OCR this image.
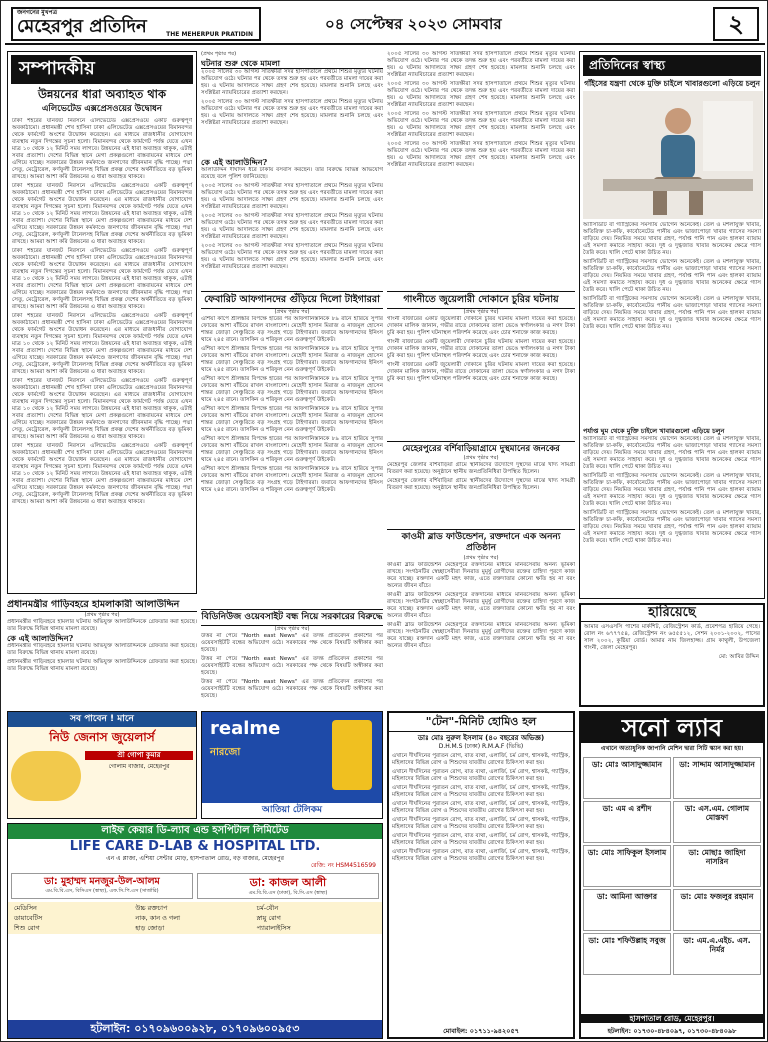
জনগনের মুখপত্র
মেহেরপুর প্রতিদিন	THE MEHERPUR PRATIDIN
০৪ সেপ্টেম্বর ২০২৩ সোমবার	২
সম্পাদকীয়
উন্নয়নের ধারা অব্যাহত থাক
এলিভেটেড এক্সপ্রেসওয়ের উদ্বোধন

ঢাকা শহরের যানজট নিরসনে এলিভেটেড এক্সপ্রেসওয়ে একটি গুরুত্বপূর্ণ অবকাঠামো। প্রধানমন্ত্রী শেখ হাসিনা ঢাকা এলিভেটেড এক্সপ্রেসওয়ের বিমানবন্দর থেকে ফার্মগেট অংশের উদ্বোধন করেছেন। এর মাধ্যমে রাজধানীর যোগাযোগ ব্যবস্থায় নতুন দিগন্তের সূচনা হলো। বিমানবন্দর থেকে ফার্মগেট পর্যন্ত যেতে এখন মাত্র ১০ থেকে ১২ মিনিট সময় লাগবে। উন্নয়নের এই ধারা অব্যাহত থাকুক, এটাই সবার প্রত্যাশা। দেশের বিভিন্ন স্থানে মেগা প্রকল্পগুলো বাস্তবায়নের মাধ্যমে দেশ এগিয়ে যাচ্ছে। সরকারের উন্নয়ন কর্মকাণ্ডে জনগণের জীবনমান বৃদ্ধি পাচ্ছে। পদ্মা সেতু, মেট্রোরেল, কর্ণফুলী টানেলসহ বিভিন্ন প্রকল্প দেশের অর্থনীতিতে বড় ভূমিকা রাখছে। আমরা আশা করি উন্নয়নের এ ধারা অব্যাহত থাকবে।

ঢাকা শহরের যানজট নিরসনে এলিভেটেড এক্সপ্রেসওয়ে একটি গুরুত্বপূর্ণ অবকাঠামো। প্রধানমন্ত্রী শেখ হাসিনা ঢাকা এলিভেটেড এক্সপ্রেসওয়ের বিমানবন্দর থেকে ফার্মগেট অংশের উদ্বোধন করেছেন। এর মাধ্যমে রাজধানীর যোগাযোগ ব্যবস্থায় নতুন দিগন্তের সূচনা হলো। বিমানবন্দর থেকে ফার্মগেট পর্যন্ত যেতে এখন মাত্র ১০ থেকে ১২ মিনিট সময় লাগবে। উন্নয়নের এই ধারা অব্যাহত থাকুক, এটাই সবার প্রত্যাশা। দেশের বিভিন্ন স্থানে মেগা প্রকল্পগুলো বাস্তবায়নের মাধ্যমে দেশ এগিয়ে যাচ্ছে। সরকারের উন্নয়ন কর্মকাণ্ডে জনগণের জীবনমান বৃদ্ধি পাচ্ছে। পদ্মা সেতু, মেট্রোরেল, কর্ণফুলী টানেলসহ বিভিন্ন প্রকল্প দেশের অর্থনীতিতে বড় ভূমিকা রাখছে। আমরা আশা করি উন্নয়নের এ ধারা অব্যাহত থাকবে।

ঢাকা শহরের যানজট নিরসনে এলিভেটেড এক্সপ্রেসওয়ে একটি গুরুত্বপূর্ণ অবকাঠামো। প্রধানমন্ত্রী শেখ হাসিনা ঢাকা এলিভেটেড এক্সপ্রেসওয়ের বিমানবন্দর থেকে ফার্মগেট অংশের উদ্বোধন করেছেন। এর মাধ্যমে রাজধানীর যোগাযোগ ব্যবস্থায় নতুন দিগন্তের সূচনা হলো। বিমানবন্দর থেকে ফার্মগেট পর্যন্ত যেতে এখন মাত্র ১০ থেকে ১২ মিনিট সময় লাগবে। উন্নয়নের এই ধারা অব্যাহত থাকুক, এটাই সবার প্রত্যাশা। দেশের বিভিন্ন স্থানে মেগা প্রকল্পগুলো বাস্তবায়নের মাধ্যমে দেশ এগিয়ে যাচ্ছে। সরকারের উন্নয়ন কর্মকাণ্ডে জনগণের জীবনমান বৃদ্ধি পাচ্ছে। পদ্মা সেতু, মেট্রোরেল, কর্ণফুলী টানেলসহ বিভিন্ন প্রকল্প দেশের অর্থনীতিতে বড় ভূমিকা রাখছে। আমরা আশা করি উন্নয়নের এ ধারা অব্যাহত থাকবে।

ঢাকা শহরের যানজট নিরসনে এলিভেটেড এক্সপ্রেসওয়ে একটি গুরুত্বপূর্ণ অবকাঠামো। প্রধানমন্ত্রী শেখ হাসিনা ঢাকা এলিভেটেড এক্সপ্রেসওয়ের বিমানবন্দর থেকে ফার্মগেট অংশের উদ্বোধন করেছেন। এর মাধ্যমে রাজধানীর যোগাযোগ ব্যবস্থায় নতুন দিগন্তের সূচনা হলো। বিমানবন্দর থেকে ফার্মগেট পর্যন্ত যেতে এখন মাত্র ১০ থেকে ১২ মিনিট সময় লাগবে। উন্নয়নের এই ধারা অব্যাহত থাকুক, এটাই সবার প্রত্যাশা। দেশের বিভিন্ন স্থানে মেগা প্রকল্পগুলো বাস্তবায়নের মাধ্যমে দেশ এগিয়ে যাচ্ছে। সরকারের উন্নয়ন কর্মকাণ্ডে জনগণের জীবনমান বৃদ্ধি পাচ্ছে। পদ্মা সেতু, মেট্রোরেল, কর্ণফুলী টানেলসহ বিভিন্ন প্রকল্প দেশের অর্থনীতিতে বড় ভূমিকা রাখছে। আমরা আশা করি উন্নয়নের এ ধারা অব্যাহত থাকবে।

ঢাকা শহরের যানজট নিরসনে এলিভেটেড এক্সপ্রেসওয়ে একটি গুরুত্বপূর্ণ অবকাঠামো। প্রধানমন্ত্রী শেখ হাসিনা ঢাকা এলিভেটেড এক্সপ্রেসওয়ের বিমানবন্দর থেকে ফার্মগেট অংশের উদ্বোধন করেছেন। এর মাধ্যমে রাজধানীর যোগাযোগ ব্যবস্থায় নতুন দিগন্তের সূচনা হলো। বিমানবন্দর থেকে ফার্মগেট পর্যন্ত যেতে এখন মাত্র ১০ থেকে ১২ মিনিট সময় লাগবে। উন্নয়নের এই ধারা অব্যাহত থাকুক, এটাই সবার প্রত্যাশা। দেশের বিভিন্ন স্থানে মেগা প্রকল্পগুলো বাস্তবায়নের মাধ্যমে দেশ এগিয়ে যাচ্ছে। সরকারের উন্নয়ন কর্মকাণ্ডে জনগণের জীবনমান বৃদ্ধি পাচ্ছে। পদ্মা সেতু, মেট্রোরেল, কর্ণফুলী টানেলসহ বিভিন্ন প্রকল্প দেশের অর্থনীতিতে বড় ভূমিকা রাখছে। আমরা আশা করি উন্নয়নের এ ধারা অব্যাহত থাকবে।

ঢাকা শহরের যানজট নিরসনে এলিভেটেড এক্সপ্রেসওয়ে একটি গুরুত্বপূর্ণ অবকাঠামো। প্রধানমন্ত্রী শেখ হাসিনা ঢাকা এলিভেটেড এক্সপ্রেসওয়ের বিমানবন্দর থেকে ফার্মগেট অংশের উদ্বোধন করেছেন। এর মাধ্যমে রাজধানীর যোগাযোগ ব্যবস্থায় নতুন দিগন্তের সূচনা হলো। বিমানবন্দর থেকে ফার্মগেট পর্যন্ত যেতে এখন মাত্র ১০ থেকে ১২ মিনিট সময় লাগবে। উন্নয়নের এই ধারা অব্যাহত থাকুক, এটাই সবার প্রত্যাশা। দেশের বিভিন্ন স্থানে মেগা প্রকল্পগুলো বাস্তবায়নের মাধ্যমে দেশ এগিয়ে যাচ্ছে। সরকারের উন্নয়ন কর্মকাণ্ডে জনগণের জীবনমান বৃদ্ধি পাচ্ছে। পদ্মা সেতু, মেট্রোরেল, কর্ণফুলী টানেলসহ বিভিন্ন প্রকল্প দেশের অর্থনীতিতে বড় ভূমিকা রাখছে। আমরা আশা করি উন্নয়নের এ ধারা অব্যাহত থাকবে।

(প্রথম পৃষ্ঠার পর)
ঘটনার শুরু থেকে মামলা

২০০৫ সালের ৩০ আগস্ট সাতক্ষীরা সদর হাসপাতালে প্রথমে শিশুর মৃত্যুর ঘটনায় অভিযোগ ওঠে। ঘটনার পর থেকে তদন্ত শুরু হয় এবং পরবর্তীতে মামলা দায়ের করা হয়। এ ঘটনায় আদালতে সাক্ষ্য গ্রহণ শেষ হয়েছে। মামলার শুনানি চলছে এবং সংশ্লিষ্টরা ন্যায়বিচারের প্রত্যাশা করছেন।

২০০৫ সালের ৩০ আগস্ট সাতক্ষীরা সদর হাসপাতালে প্রথমে শিশুর মৃত্যুর ঘটনায় অভিযোগ ওঠে। ঘটনার পর থেকে তদন্ত শুরু হয় এবং পরবর্তীতে মামলা দায়ের করা হয়। এ ঘটনায় আদালতে সাক্ষ্য গ্রহণ শেষ হয়েছে। মামলার শুনানি চলছে এবং সংশ্লিষ্টরা ন্যায়বিচারের প্রত্যাশা করছেন।

কে এই আলাউদ্দিন?

আলাউদ্দিন দীর্ঘদিন ধরে ঢাকায় বসবাস করছেন। তার বিরুদ্ধে বিভিন্ন অভিযোগ রয়েছে বলে পুলিশ জানিয়েছে।

২০০৫ সালের ৩০ আগস্ট সাতক্ষীরা সদর হাসপাতালে প্রথমে শিশুর মৃত্যুর ঘটনায় অভিযোগ ওঠে। ঘটনার পর থেকে তদন্ত শুরু হয় এবং পরবর্তীতে মামলা দায়ের করা হয়। এ ঘটনায় আদালতে সাক্ষ্য গ্রহণ শেষ হয়েছে। মামলার শুনানি চলছে এবং সংশ্লিষ্টরা ন্যায়বিচারের প্রত্যাশা করছেন।

২০০৫ সালের ৩০ আগস্ট সাতক্ষীরা সদর হাসপাতালে প্রথমে শিশুর মৃত্যুর ঘটনায় অভিযোগ ওঠে। ঘটনার পর থেকে তদন্ত শুরু হয় এবং পরবর্তীতে মামলা দায়ের করা হয়। এ ঘটনায় আদালতে সাক্ষ্য গ্রহণ শেষ হয়েছে। মামলার শুনানি চলছে এবং সংশ্লিষ্টরা ন্যায়বিচারের প্রত্যাশা করছেন।

২০০৫ সালের ৩০ আগস্ট সাতক্ষীরা সদর হাসপাতালে প্রথমে শিশুর মৃত্যুর ঘটনায় অভিযোগ ওঠে। ঘটনার পর থেকে তদন্ত শুরু হয় এবং পরবর্তীতে মামলা দায়ের করা হয়। এ ঘটনায় আদালতে সাক্ষ্য গ্রহণ শেষ হয়েছে। মামলার শুনানি চলছে এবং সংশ্লিষ্টরা ন্যায়বিচারের প্রত্যাশা করছেন।

২০০৫ সালের ৩০ আগস্ট সাতক্ষীরা সদর হাসপাতালে প্রথমে শিশুর মৃত্যুর ঘটনায় অভিযোগ ওঠে। ঘটনার পর থেকে তদন্ত শুরু হয় এবং পরবর্তীতে মামলা দায়ের করা হয়। এ ঘটনায় আদালতে সাক্ষ্য গ্রহণ শেষ হয়েছে। মামলার শুনানি চলছে এবং সংশ্লিষ্টরা ন্যায়বিচারের প্রত্যাশা করছেন।

২০০৫ সালের ৩০ আগস্ট সাতক্ষীরা সদর হাসপাতালে প্রথমে শিশুর মৃত্যুর ঘটনায় অভিযোগ ওঠে। ঘটনার পর থেকে তদন্ত শুরু হয় এবং পরবর্তীতে মামলা দায়ের করা হয়। এ ঘটনায় আদালতে সাক্ষ্য গ্রহণ শেষ হয়েছে। মামলার শুনানি চলছে এবং সংশ্লিষ্টরা ন্যায়বিচারের প্রত্যাশা করছেন।

২০০৫ সালের ৩০ আগস্ট সাতক্ষীরা সদর হাসপাতালে প্রথমে শিশুর মৃত্যুর ঘটনায় অভিযোগ ওঠে। ঘটনার পর থেকে তদন্ত শুরু হয় এবং পরবর্তীতে মামলা দায়ের করা হয়। এ ঘটনায় আদালতে সাক্ষ্য গ্রহণ শেষ হয়েছে। মামলার শুনানি চলছে এবং সংশ্লিষ্টরা ন্যায়বিচারের প্রত্যাশা করছেন।

২০০৫ সালের ৩০ আগস্ট সাতক্ষীরা সদর হাসপাতালে প্রথমে শিশুর মৃত্যুর ঘটনায় অভিযোগ ওঠে। ঘটনার পর থেকে তদন্ত শুরু হয় এবং পরবর্তীতে মামলা দায়ের করা হয়। এ ঘটনায় আদালতে সাক্ষ্য গ্রহণ শেষ হয়েছে। মামলার শুনানি চলছে এবং সংশ্লিষ্টরা ন্যায়বিচারের প্রত্যাশা করছেন।

গাংনীতে জুয়েলারী দোকানে চুরির ঘটনায়
(প্রথম পৃষ্ঠার পর)

গাংনী বাজারের একটি জুয়েলারী দোকানে চুরির ঘটনায় মামলা দায়ের করা হয়েছে। দোকান মালিক জানান, গভীর রাতে দোকানের তালা ভেঙে স্বর্ণালংকার ও নগদ টাকা চুরি করা হয়। পুলিশ ঘটনাস্থল পরিদর্শন করেছে এবং চোর শনাক্তে কাজ করছে।

গাংনী বাজারের একটি জুয়েলারী দোকানে চুরির ঘটনায় মামলা দায়ের করা হয়েছে। দোকান মালিক জানান, গভীর রাতে দোকানের তালা ভেঙে স্বর্ণালংকার ও নগদ টাকা চুরি করা হয়। পুলিশ ঘটনাস্থল পরিদর্শন করেছে এবং চোর শনাক্তে কাজ করছে।

গাংনী বাজারের একটি জুয়েলারী দোকানে চুরির ঘটনায় মামলা দায়ের করা হয়েছে। দোকান মালিক জানান, গভীর রাতে দোকানের তালা ভেঙে স্বর্ণালংকার ও নগদ টাকা চুরি করা হয়। পুলিশ ঘটনাস্থল পরিদর্শন করেছে এবং চোর শনাক্তে কাজ করছে।

মেহেরপুরের বর্শিবাড়িয়াগ্রামে দুস্থমানের জনকের
(প্রথম পৃষ্ঠার পর)

মেহেরপুর জেলার বর্শিবাড়িয়া গ্রামে স্থানীয়দের উদ্যোগে দুস্থদের মাঝে খাদ্য সামগ্রী বিতরণ করা হয়েছে। অনুষ্ঠানে স্থানীয় জনপ্রতিনিধিরা উপস্থিত ছিলেন।

মেহেরপুর জেলার বর্শিবাড়িয়া গ্রামে স্থানীয়দের উদ্যোগে দুস্থদের মাঝে খাদ্য সামগ্রী বিতরণ করা হয়েছে। অনুষ্ঠানে স্থানীয় জনপ্রতিনিধিরা উপস্থিত ছিলেন।

ফেবারিট আফগানদের গুঁড়িয়ে দিলো টাইগাররা
(প্রথম পৃষ্ঠার পর)

এশিয়া কাপে শ্রীলঙ্কার বিপক্ষে হারের পর আফগানিস্তানকে ৮৯ রানে হারিয়ে সুপার ফোরের আশা বাঁচিয়ে রাখল বাংলাদেশ। মেহেদী হাসান মিরাজ ও নাজমুল হোসেন শান্তর জোড়া সেঞ্চুরিতে বড় সংগ্রহ গড়ে টাইগাররা। জবাবে আফগানদের ইনিংস থামে ২৪৫ রানে। তাসকিন ও শরিফুল নেন গুরুত্বপূর্ণ উইকেট।

এশিয়া কাপে শ্রীলঙ্কার বিপক্ষে হারের পর আফগানিস্তানকে ৮৯ রানে হারিয়ে সুপার ফোরের আশা বাঁচিয়ে রাখল বাংলাদেশ। মেহেদী হাসান মিরাজ ও নাজমুল হোসেন শান্তর জোড়া সেঞ্চুরিতে বড় সংগ্রহ গড়ে টাইগাররা। জবাবে আফগানদের ইনিংস থামে ২৪৫ রানে। তাসকিন ও শরিফুল নেন গুরুত্বপূর্ণ উইকেট।

এশিয়া কাপে শ্রীলঙ্কার বিপক্ষে হারের পর আফগানিস্তানকে ৮৯ রানে হারিয়ে সুপার ফোরের আশা বাঁচিয়ে রাখল বাংলাদেশ। মেহেদী হাসান মিরাজ ও নাজমুল হোসেন শান্তর জোড়া সেঞ্চুরিতে বড় সংগ্রহ গড়ে টাইগাররা। জবাবে আফগানদের ইনিংস থামে ২৪৫ রানে। তাসকিন ও শরিফুল নেন গুরুত্বপূর্ণ উইকেট।

এশিয়া কাপে শ্রীলঙ্কার বিপক্ষে হারের পর আফগানিস্তানকে ৮৯ রানে হারিয়ে সুপার ফোরের আশা বাঁচিয়ে রাখল বাংলাদেশ। মেহেদী হাসান মিরাজ ও নাজমুল হোসেন শান্তর জোড়া সেঞ্চুরিতে বড় সংগ্রহ গড়ে টাইগাররা। জবাবে আফগানদের ইনিংস থামে ২৪৫ রানে। তাসকিন ও শরিফুল নেন গুরুত্বপূর্ণ উইকেট।

এশিয়া কাপে শ্রীলঙ্কার বিপক্ষে হারের পর আফগানিস্তানকে ৮৯ রানে হারিয়ে সুপার ফোরের আশা বাঁচিয়ে রাখল বাংলাদেশ। মেহেদী হাসান মিরাজ ও নাজমুল হোসেন শান্তর জোড়া সেঞ্চুরিতে বড় সংগ্রহ গড়ে টাইগাররা। জবাবে আফগানদের ইনিংস থামে ২৪৫ রানে। তাসকিন ও শরিফুল নেন গুরুত্বপূর্ণ উইকেট।

এশিয়া কাপে শ্রীলঙ্কার বিপক্ষে হারের পর আফগানিস্তানকে ৮৯ রানে হারিয়ে সুপার ফোরের আশা বাঁচিয়ে রাখল বাংলাদেশ। মেহেদী হাসান মিরাজ ও নাজমুল হোসেন শান্তর জোড়া সেঞ্চুরিতে বড় সংগ্রহ গড়ে টাইগাররা। জবাবে আফগানদের ইনিংস থামে ২৪৫ রানে। তাসকিন ও শরিফুল নেন গুরুত্বপূর্ণ উইকেট।

কাওমী ব্লাড ফাউন্ডেশন, রক্তদানে এক অনন্য প্রতিষ্ঠান
(প্রথম পৃষ্ঠার পর)

কাওমী ব্লাড ফাউন্ডেশন মেহেরপুরে রক্তদানের মাধ্যমে মানবসেবায় অনন্য ভূমিকা রাখছে। সংগঠনটির স্বেচ্ছাসেবীরা দিনরাত মুমূর্ষু রোগীদের রক্তের চাহিদা পূরণে কাজ করে যাচ্ছে। রক্তদান একটি মহৎ কাজ, এতে রক্তদাতার কোনো ক্ষতি হয় না বরং অন্যের জীবন বাঁচে।

কাওমী ব্লাড ফাউন্ডেশন মেহেরপুরে রক্তদানের মাধ্যমে মানবসেবায় অনন্য ভূমিকা রাখছে। সংগঠনটির স্বেচ্ছাসেবীরা দিনরাত মুমূর্ষু রোগীদের রক্তের চাহিদা পূরণে কাজ করে যাচ্ছে। রক্তদান একটি মহৎ কাজ, এতে রক্তদাতার কোনো ক্ষতি হয় না বরং অন্যের জীবন বাঁচে।

কাওমী ব্লাড ফাউন্ডেশন মেহেরপুরে রক্তদানের মাধ্যমে মানবসেবায় অনন্য ভূমিকা রাখছে। সংগঠনটির স্বেচ্ছাসেবীরা দিনরাত মুমূর্ষু রোগীদের রক্তের চাহিদা পূরণে কাজ করে যাচ্ছে। রক্তদান একটি মহৎ কাজ, এতে রক্তদাতার কোনো ক্ষতি হয় না বরং অন্যের জীবন বাঁচে।

প্রধানমন্ত্রীর গাড়িবহরে হামলাকারী আলাউদ্দিন
(প্রথম পৃষ্ঠার পর)
প্রধানমন্ত্রীর গাড়িবহরে হামলার ঘটনায় অভিযুক্ত আলাউদ্দিনকে গ্রেফতার করা হয়েছে। তার বিরুদ্ধে বিভিন্ন থানায় মামলা রয়েছে।
কে এই আলাউদ্দিন?

প্রধানমন্ত্রীর গাড়িবহরে হামলার ঘটনায় অভিযুক্ত আলাউদ্দিনকে গ্রেফতার করা হয়েছে। তার বিরুদ্ধে বিভিন্ন থানায় মামলা রয়েছে।

প্রধানমন্ত্রীর গাড়িবহরে হামলার ঘটনায় অভিযুক্ত আলাউদ্দিনকে গ্রেফতার করা হয়েছে। তার বিরুদ্ধে বিভিন্ন থানায় মামলা রয়েছে।

বিডিনিউজ ওয়েবসাইট বন্ধ নিয়ে সরকারের বিরুদ্ধে
(প্রথম পৃষ্ঠার পর)

উত্তর না পেয়ে "North east News" এর তদন্ত প্রতিবেদন প্রকাশের পর ওয়েবসাইটটি বন্ধের অভিযোগ ওঠে। সরকারের পক্ষ থেকে বিষয়টি অস্বীকার করা হয়েছে।

উত্তর না পেয়ে "North east News" এর তদন্ত প্রতিবেদন প্রকাশের পর ওয়েবসাইটটি বন্ধের অভিযোগ ওঠে। সরকারের পক্ষ থেকে বিষয়টি অস্বীকার করা হয়েছে।

উত্তর না পেয়ে "North east News" এর তদন্ত প্রতিবেদন প্রকাশের পর ওয়েবসাইটটি বন্ধের অভিযোগ ওঠে। সরকারের পক্ষ থেকে বিষয়টি অস্বীকার করা হয়েছে।

প্রতিদিনের স্বাস্থ্য
গাঁইসের যন্ত্রণা থেকে মুক্তি চাইলে খাবারগুলো এড়িয়ে চলুন

অ্যাসিডিটি বা গ্যাস্ট্রিকের সমস্যায় ভোগেন অনেকেই। তেল ও মশলাযুক্ত খাবার, অতিরিক্ত চা-কফি, কার্বোনেটেড পানীয় এবং ভাজাপোড়া খাবার গ্যাসের সমস্যা বাড়িয়ে দেয়। নিয়মিত সময়ে খাবার গ্রহণ, পর্যাপ্ত পানি পান এবং হালকা ব্যায়াম এই সমস্যা কমাতে সাহায্য করে। দুধ ও দুগ্ধজাত খাবার অনেকের ক্ষেত্রে গ্যাস তৈরি করে। খালি পেটে থাকা উচিত নয়।

অ্যাসিডিটি বা গ্যাস্ট্রিকের সমস্যায় ভোগেন অনেকেই। তেল ও মশলাযুক্ত খাবার, অতিরিক্ত চা-কফি, কার্বোনেটেড পানীয় এবং ভাজাপোড়া খাবার গ্যাসের সমস্যা বাড়িয়ে দেয়। নিয়মিত সময়ে খাবার গ্রহণ, পর্যাপ্ত পানি পান এবং হালকা ব্যায়াম এই সমস্যা কমাতে সাহায্য করে। দুধ ও দুগ্ধজাত খাবার অনেকের ক্ষেত্রে গ্যাস তৈরি করে। খালি পেটে থাকা উচিত নয়।

অ্যাসিডিটি বা গ্যাস্ট্রিকের সমস্যায় ভোগেন অনেকেই। তেল ও মশলাযুক্ত খাবার, অতিরিক্ত চা-কফি, কার্বোনেটেড পানীয় এবং ভাজাপোড়া খাবার গ্যাসের সমস্যা বাড়িয়ে দেয়। নিয়মিত সময়ে খাবার গ্রহণ, পর্যাপ্ত পানি পান এবং হালকা ব্যায়াম এই সমস্যা কমাতে সাহায্য করে। দুধ ও দুগ্ধজাত খাবার অনেকের ক্ষেত্রে গ্যাস তৈরি করে। খালি পেটে থাকা উচিত নয়।

পর্যাপ্ত ঘুম থেকে মুক্তি চাইলে খাবারগুলো এড়িয়ে চলুন

অ্যাসিডিটি বা গ্যাস্ট্রিকের সমস্যায় ভোগেন অনেকেই। তেল ও মশলাযুক্ত খাবার, অতিরিক্ত চা-কফি, কার্বোনেটেড পানীয় এবং ভাজাপোড়া খাবার গ্যাসের সমস্যা বাড়িয়ে দেয়। নিয়মিত সময়ে খাবার গ্রহণ, পর্যাপ্ত পানি পান এবং হালকা ব্যায়াম এই সমস্যা কমাতে সাহায্য করে। দুধ ও দুগ্ধজাত খাবার অনেকের ক্ষেত্রে গ্যাস তৈরি করে। খালি পেটে থাকা উচিত নয়।

অ্যাসিডিটি বা গ্যাস্ট্রিকের সমস্যায় ভোগেন অনেকেই। তেল ও মশলাযুক্ত খাবার, অতিরিক্ত চা-কফি, কার্বোনেটেড পানীয় এবং ভাজাপোড়া খাবার গ্যাসের সমস্যা বাড়িয়ে দেয়। নিয়মিত সময়ে খাবার গ্রহণ, পর্যাপ্ত পানি পান এবং হালকা ব্যায়াম এই সমস্যা কমাতে সাহায্য করে। দুধ ও দুগ্ধজাত খাবার অনেকের ক্ষেত্রে গ্যাস তৈরি করে। খালি পেটে থাকা উচিত নয়।

অ্যাসিডিটি বা গ্যাস্ট্রিকের সমস্যায় ভোগেন অনেকেই। তেল ও মশলাযুক্ত খাবার, অতিরিক্ত চা-কফি, কার্বোনেটেড পানীয় এবং ভাজাপোড়া খাবার গ্যাসের সমস্যা বাড়িয়ে দেয়। নিয়মিত সময়ে খাবার গ্রহণ, পর্যাপ্ত পানি পান এবং হালকা ব্যায়াম এই সমস্যা কমাতে সাহায্য করে। দুধ ও দুগ্ধজাত খাবার অনেকের ক্ষেত্রে গ্যাস তৈরি করে। খালি পেটে থাকা উচিত নয়।

হারিয়েছে
আমার এসএসসি পাশের মার্কশিট, রেজিস্ট্রেশন কার্ড, প্রবেশপত্র হারিয়ে গেছে। রোল নং ৬৭৭৭৫৪, রেজিস্ট্রেশন নং ৬৫৫৫১২, সেশন ২০০১-২০০২, পাসের সাল ২০০২, কুষ্টিয়া বোর্ড। আমার নাম জিলহাজ্জ। গ্রাম কাথুলী, উপজেলা গাংনী, জেলা মেহেরপুর।
মো: আবির উদ্দিন
সব পাবেন ! মানে
নিউ জেনাস জুয়েলার্স
শ্রী গোপা কুমার
গোলাম বাজার, মেহেরপুর
realme
নারজো
আতিয়া টেলিকম
"টেন"-মিনিট হোমিও হল
ডাঃ মোঃ নুরুল ইসলাম (৪০ বছরের অভিজ্ঞ)
D.H.M.S (ঢাকা) R.M.A.F (ভিভি)

এখানে দীর্ঘদিনের পুরাতন রোগ, বাত ব্যথা, এলার্জি, চর্ম রোগ, শ্বাসকষ্ট, গ্যাস্ট্রিক, মহিলাদের বিভিন্ন রোগ ও শিশুদের যাবতীয় রোগের চিকিৎসা করা হয়।

এখানে দীর্ঘদিনের পুরাতন রোগ, বাত ব্যথা, এলার্জি, চর্ম রোগ, শ্বাসকষ্ট, গ্যাস্ট্রিক, মহিলাদের বিভিন্ন রোগ ও শিশুদের যাবতীয় রোগের চিকিৎসা করা হয়।

এখানে দীর্ঘদিনের পুরাতন রোগ, বাত ব্যথা, এলার্জি, চর্ম রোগ, শ্বাসকষ্ট, গ্যাস্ট্রিক, মহিলাদের বিভিন্ন রোগ ও শিশুদের যাবতীয় রোগের চিকিৎসা করা হয়।

এখানে দীর্ঘদিনের পুরাতন রোগ, বাত ব্যথা, এলার্জি, চর্ম রোগ, শ্বাসকষ্ট, গ্যাস্ট্রিক, মহিলাদের বিভিন্ন রোগ ও শিশুদের যাবতীয় রোগের চিকিৎসা করা হয়।

এখানে দীর্ঘদিনের পুরাতন রোগ, বাত ব্যথা, এলার্জি, চর্ম রোগ, শ্বাসকষ্ট, গ্যাস্ট্রিক, মহিলাদের বিভিন্ন রোগ ও শিশুদের যাবতীয় রোগের চিকিৎসা করা হয়।

এখানে দীর্ঘদিনের পুরাতন রোগ, বাত ব্যথা, এলার্জি, চর্ম রোগ, শ্বাসকষ্ট, গ্যাস্ট্রিক, মহিলাদের বিভিন্ন রোগ ও শিশুদের যাবতীয় রোগের চিকিৎসা করা হয়।

এখানে দীর্ঘদিনের পুরাতন রোগ, বাত ব্যথা, এলার্জি, চর্ম রোগ, শ্বাসকষ্ট, গ্যাস্ট্রিক, মহিলাদের বিভিন্ন রোগ ও শিশুদের যাবতীয় রোগের চিকিৎসা করা হয়।

মোবাইল: ০১৭১১-৯৪২০৫৭
সনো ল্যাব
এখানে অত্যাধুনিক জাপানি মেশিন দ্বারা সিটি স্ক্যান করা হয়।
ডা: মোঃ আসাদুজ্জামান	ডা: সাদ্দাম আসাদুজ্জামান
ডা: এম এ রশীদ	ডা: এস.এম. গোলাম মোস্তফা
ডা: মোঃ সাফিকুল ইসলাম	ডা: মোছাঃ জাহিদা নাসরিন
ডা: আমিনা আক্তার	ডা: মোঃ ফজলুর রহমান
ডা: মোঃ শফিউল্লাহ সবুজ	ডা: এম.এ.এইচ. এস. নির্মর
হাসপাতাল রোড, মেহেরপুর।
হটলাইন: ০১৭৩০-৪৮৪০৯৭, ০১৭৩০-৪৮৪০৯৮
লাইফ কেয়ার ডি-ল্যাব এন্ড হসপিটাল লিমিটেড
LIFE CARE D-LAB & HOSPITAL LTD.
এন এ প্লাজা, এশিয়া সেন্টার মোড়, হাসপাতাল রোড, বড় বাজার, মেহেরপুর
রেজি: নং HSM4516599
ডা: মুহাম্মদ মনজুর-উল-আলম
এম.বি.বি.এস, বিসিএস (স্বাস্থ্য), এফ.সি.পি.এস (সার্জারি)
ডা: কাজল আলী
এম.বি.বি.এস (ঢাকা), বি.সি.এস (স্বাস্থ্য)
মেডিসিন	উচ্চ রক্তচাপ	চর্ম-যৌন
ডায়াবেটিস	নাক, কান ও গলা	স্নায়ু রোগ
শিশু রোগ	হাড় জোড়া	প্যারালাইসিস
হটলাইন: ০১৭০৯৬০০৯২৮, ০১৭০৯৬০০৯৫৩
